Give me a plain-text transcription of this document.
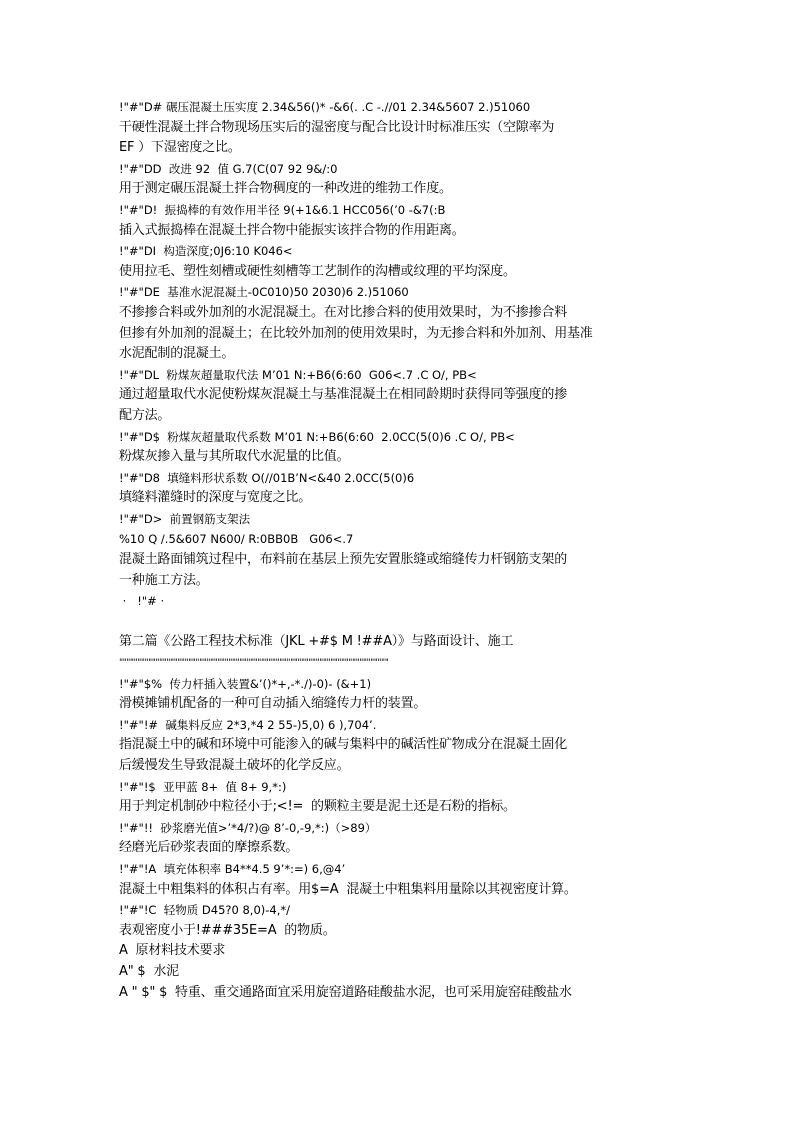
!"#"D# 碾压混凝土压实度 2.34&56()* -&6(. .C -.//01 2.34&5607 2.)51060
干硬性混凝土拌合物现场压实后的湿密度与配合比设计时标准压实（空隙率为
EF ）下湿密度之比。
!"#"DD  改进 92  值 G.7(C(07 92 9&/:0
用于测定碾压混凝土拌合物稠度的一种改进的维勃工作度。
!"#"D!  振捣棒的有效作用半径 9(+1&6.1 HCC056(’0 -&7(:B
插入式振捣棒在混凝土拌合物中能振实该拌合物的作用距离。
!"#"DI  构造深度;0J6:10 K046<
使用拉毛、塑性刻槽或硬性刻槽等工艺制作的沟槽或纹理的平均深度。
!"#"DE  基准水泥混凝土-0C010)50 2030)6 2.)51060
不掺掺合料或外加剂的水泥混凝土。在对比掺合料的使用效果时，为不掺掺合料
但掺有外加剂的混凝土；在比较外加剂的使用效果时，为无掺合料和外加剂、用基准
水泥配制的混凝土。
!"#"DL  粉煤灰超量取代法 M’01 N:+B6(6:60  G06<.7 .C O/, PB<
通过超量取代水泥使粉煤灰混凝土与基准混凝土在相同龄期时获得同等强度的掺
配方法。
!"#"D$  粉煤灰超量取代系数 M’01 N:+B6(6:60  2.0CC(5(0)6 .C O/, PB<
粉煤灰掺入量与其所取代水泥量的比值。
!"#"D8  填缝料形状系数 O(//01B’N<&40 2.0CC(5(0)6
填缝料灌缝时的深度与宽度之比。
!"#"D>  前置钢筋支架法
%10 Q /.5&607 N600/ R:0BB0B   G06<.7
混凝土路面铺筑过程中，布料前在基层上预先安置胀缝或缩缝传力杆钢筋支架的
一种施工方法。
·   !"# ·
第二篇《公路工程技术标准（JKL +#$ M !##A）》与路面设计、施工
""""""""""""""""""""""""""""""""""""""""""""""""""""""""""""""""""""""""""
!"#"$%  传力杆插入装置&’()*+,-*./)-0)- (&+1)
滑模摊铺机配备的一种可自动插入缩缝传力杆的装置。
!"#"!#  碱集料反应 2*3,*4 2 55-)5,0) 6 ),704’.
指混凝土中的碱和环境中可能渗入的碱与集料中的碱活性矿物成分在混凝土固化
后缓慢发生导致混凝土破坏的化学反应。
!"#"!$  亚甲蓝 8+  值 8+ 9,*:)
用于判定机制砂中粒径小于;<!=  的颗粒主要是泥土还是石粉的指标。
!"#"!!  砂浆磨光值>’*4/?)@ 8’-0,-9,*:)（>89）
经磨光后砂浆表面的摩擦系数。
!"#"!A  填充体积率 B4**4.5 9’*:=) 6,@4’
混凝土中粗集料的体积占有率。用$=A  混凝土中粗集料用量除以其视密度计算。
!"#"!C  轻物质 D45?0 8,0)-4,*/
表观密度小于!###35E=A  的物质。
A  原材料技术要求
A" $  水泥
A " $" $  特重、重交通路面宜采用旋窑道路硅酸盐水泥，也可采用旋窑硅酸盐水
